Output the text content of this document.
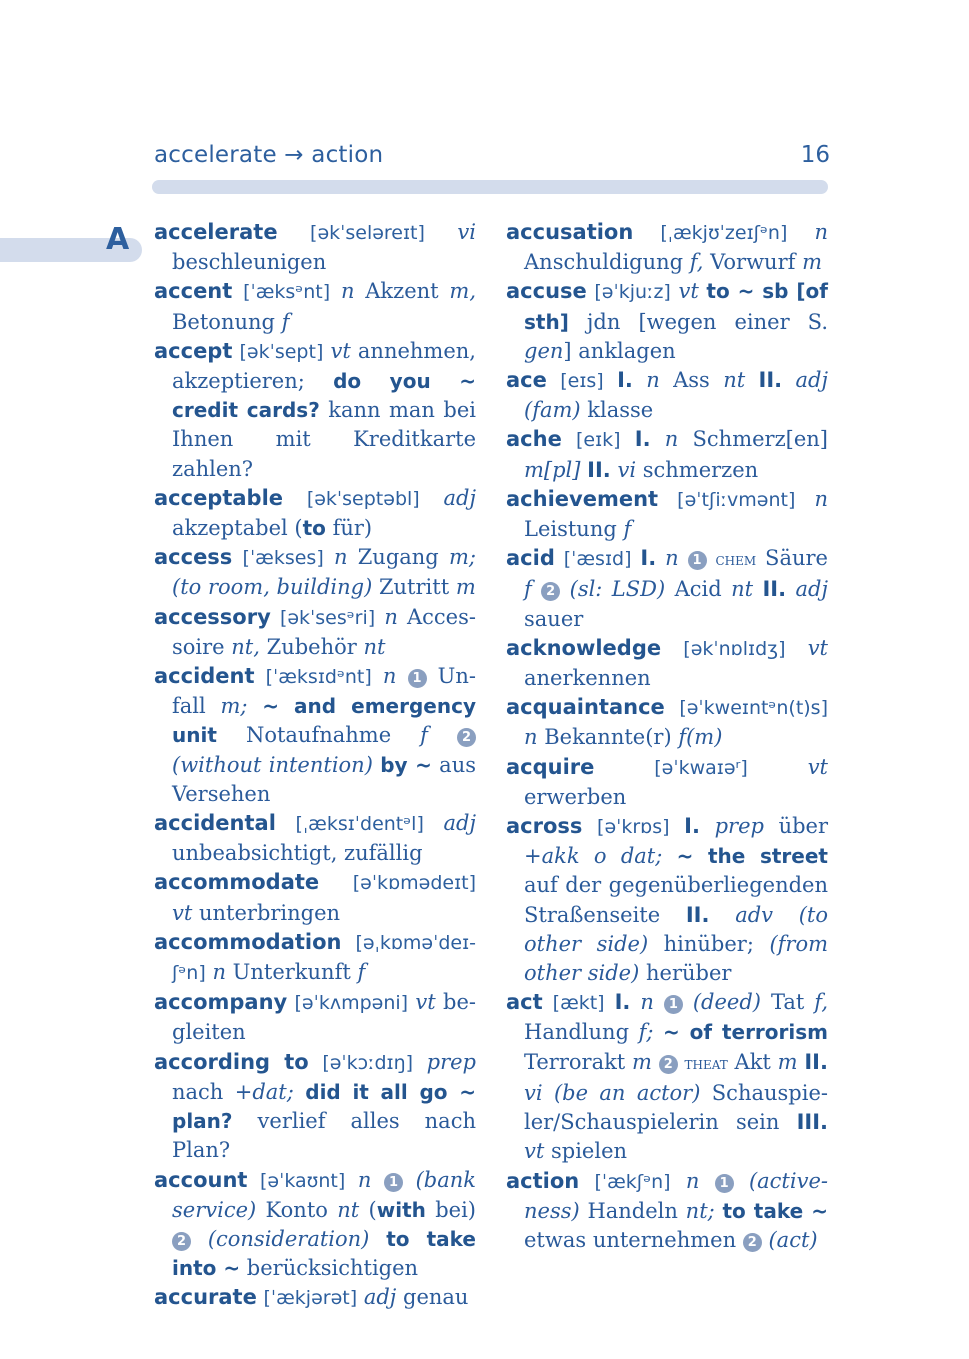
accelerate → action	16
A accelerate [əkˈseləreɪt] vi beschleunigen
accent [ˈæksᵊnt] n Akzent m, Betonung f
accept [əkˈsept] vt annehmen, akzeptieren; do you ~ credit cards? kann man bei Ihnen mit Kreditkarte zahlen?
acceptable [əkˈseptəbl] adj akzeptabel (to für)
access [ˈækses] n Zugang m; (to room, building) Zutritt m
accessory [əkˈsesᵊri] n Accessoire nt, Zubehör nt
accident [ˈæksɪdᵊnt] n 1 Unfall m; ~ and emergency unit Notaufnahme f	2 (without intention) by ~ aus Versehen
accidental [ˌæksɪˈdentᵊl] adj unbeabsichtigt, zufällig
accommodate [əˈkɒmədeɪt] vt unterbringen
accommodation [əˌkɒməˈdeɪʃᵊn] n Unterkunft f
accompany [əˈkʌmpəni] vt begleiten
according to [əˈkɔːdɪŋ] prep nach +dat; did it all go ~ plan? verlief alles nach Plan?
account [əˈkaʊnt] n 1 (bank service) Konto nt (with bei) 2 (consideration) to take into ~ berücksichtigen
accurate [ˈækjərət] adj genau
accusation [ˌækjʊˈzeɪʃᵊn] n Anschuldigung f, Vorwurf m
accuse [əˈkjuːz] vt to ~ sb [of sth] jdn [wegen einer S. gen] anklagen
ace [eɪs] I. n Ass nt II. adj (fam) klasse
ache [eɪk] I. n Schmerz[en] m[pl] II. vi schmerzen
achievement [əˈtʃiːvmənt] n Leistung f
acid [ˈæsɪd] I. n 1 chem Säure f 2 (sl: LSD) Acid nt II. adj sauer
acknowledge [əkˈnɒlɪdʒ] vt anerkennen
acquaintance [əˈkweɪntᵊn(t)s] n Bekannte(r) f(m)
acquire	[əˈkwaɪəʳ]	vt erwerben
across [əˈkrɒs] I. prep über +akk o dat; ~ the street auf der gegenüberliegenden Straßenseite II. adv (to other side) hinüber; (from other side) herüber
act [ækt] I. n 1 (deed) Tat f, Handlung f; ~ of terrorism Terrorakt m 2 theat Akt m II. vi (be an actor) Schauspieler/Schauspielerin sein III. vt spielen
action [ˈækʃᵊn] n 1 (activeness) Handeln nt; to take ~ etwas unternehmen 2 (act)
